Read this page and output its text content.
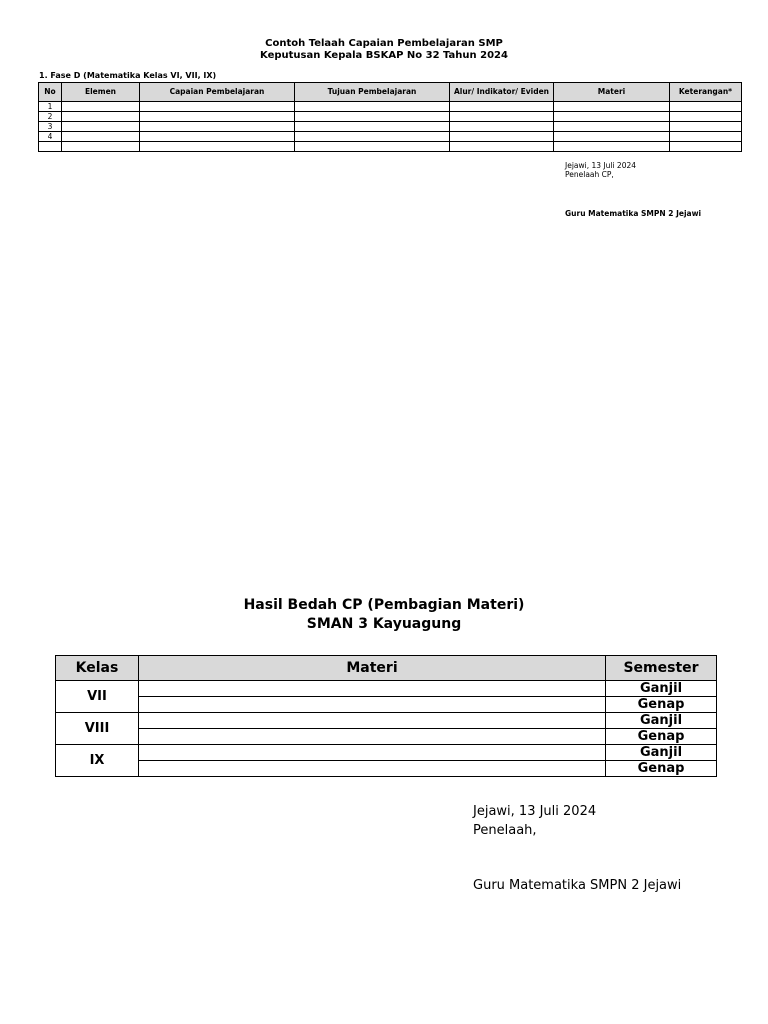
Contoh Telaah Capaian Pembelajaran SMP
Keputusan Kepala BSKAP No 32 Tahun 2024
1. Fase D (Matematika Kelas VI, VII, IX)
No	Elemen	Capaian Pembelajaran	Tujuan Pembelajaran	Alur/ Indikator/ Eviden	Materi	Keterangan*
1						
2						
3						
4						

Jejawi, 13 Juli 2024
Penelaah CP,
Guru Matematika SMPN 2 Jejawi
Hasil Bedah CP (Pembagian Materi)
SMAN 3 Kayuagung
Kelas	Materi	Semester
VII		Ganjil
		Genap
VIII		Ganjil
		Genap
IX		Ganjil
		Genap
Jejawi, 13 Juli 2024
Penelaah,
Guru Matematika SMPN 2 Jejawi
